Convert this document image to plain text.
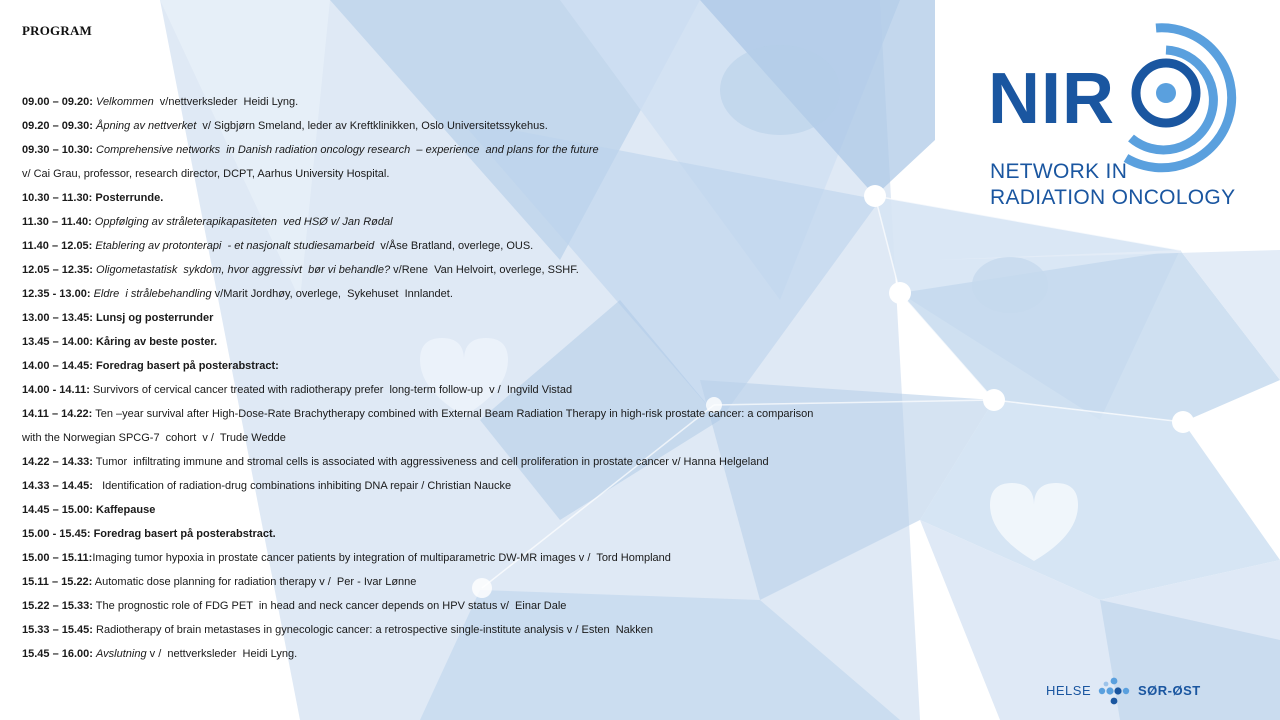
PROGRAM
09.00 – 09.20: Velkommen  v/nettverksleder  Heidi Lyng.
09.20 – 09.30: Åpning av nettverket  v/ Sigbjørn Smeland, leder av Kreftklinikken, Oslo Universitetssykehus.
09.30 – 10.30: Comprehensive networks  in Danish radiation oncology research  – experience  and plans for the future
v/ Cai Grau, professor, research director, DCPT, Aarhus University Hospital.
10.30 – 11.30: Posterrunde.
11.30 – 11.40: Oppfølging av stråleterapikapasiteten  ved HSØ v/ Jan Rødal
11.40 – 12.05: Etablering av protonterapi  - et nasjonalt studiesamarbeid  v/Åse Bratland, overlege, OUS.
12.05 – 12.35: Oligometastatisk  sykdom, hvor aggressivt  bør vi behandle? v/Rene  Van Helvoirt, overlege, SSHF.
12.35 - 13.00: Eldre  i strålebehandling v/Marit Jordhøy, overlege,  Sykehuset  Innlandet.
13.00 – 13.45: Lunsj og posterrunder
13.45 – 14.00: Kåring av beste poster.
14.00 – 14.45: Foredrag basert på posterabstract:
14.00 - 14.11: Survivors of cervical cancer treated with radiotherapy prefer  long-term follow-up  v /  Ingvild Vistad
14.11 – 14.22: Ten –year survival after High-Dose-Rate Brachytherapy combined with External Beam Radiation Therapy in high-risk prostate cancer: a comparison
with the Norwegian SPCG-7  cohort  v /  Trude Wedde
14.22 – 14.33: Tumor  infiltrating immune and stromal cells is associated with aggressiveness and cell proliferation in prostate cancer v/ Hanna Helgeland
14.33 – 14.45:   Identification of radiation-drug combinations inhibiting DNA repair / Christian Naucke
14.45 – 15.00: Kaffepause
15.00 - 15.45: Foredrag basert på posterabstract.
15.00 – 15.11:Imaging tumor hypoxia in prostate cancer patients by integration of multiparametric DW-MR images v /  Tord Hompland
15.11 – 15.22: Automatic dose planning for radiation therapy v /  Per - Ivar Lønne
15.22 – 15.33: The prognostic role of FDG PET  in head and neck cancer depends on HPV status v/  Einar Dale
15.33 – 15.45: Radiotherapy of brain metastases in gynecologic cancer: a retrospective single-institute analysis v / Esten  Nakken
15.45 – 16.00: Avslutning v /  nettverksleder  Heidi Lyng.
NIR
NETWORK IN
RADIATION ONCOLOGY
HELSE	SØR-ØST
